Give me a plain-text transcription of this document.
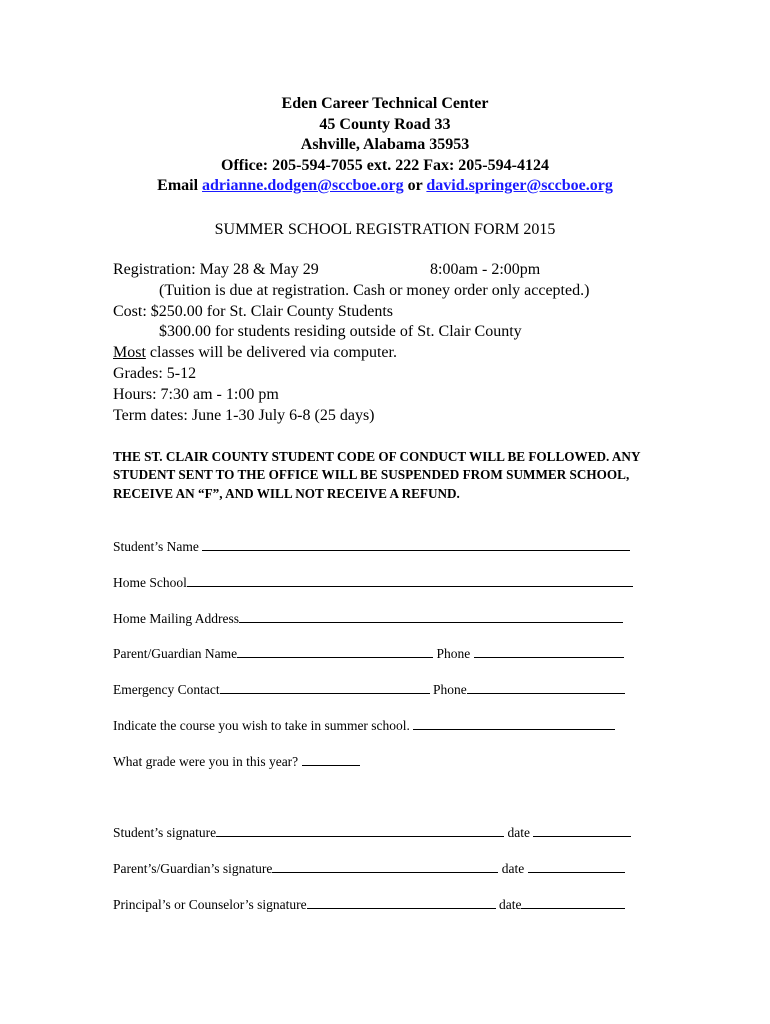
Eden Career Technical Center
45 County Road 33
Ashville, Alabama 35953
Office: 205-594-7055 ext. 222 Fax: 205-594-4124
Email adrianne.dodgen@sccboe.org or david.springer@sccboe.org
SUMMER SCHOOL REGISTRATION FORM 2015
Registration: May 28 & May 29	8:00am - 2:00pm
(Tuition is due at registration. Cash or money order only accepted.)
Cost: $250.00 for St. Clair County Students
$300.00 for students residing outside of St. Clair County
Most classes will be delivered via computer.
Grades: 5-12
Hours: 7:30 am - 1:00 pm
Term dates: June 1-30 July 6-8 (25 days)
THE ST. CLAIR COUNTY STUDENT CODE OF CONDUCT WILL BE FOLLOWED. ANY STUDENT SENT TO THE OFFICE WILL BE SUSPENDED FROM SUMMER SCHOOL, RECEIVE AN “F”, AND WILL NOT RECEIVE A REFUND.
Student’s Name
Home School
Home Mailing Address
Parent/Guardian Name	Phone
Emergency Contact	Phone
Indicate the course you wish to take in summer school.
What grade were you in this year?
Student’s signature	date
Parent’s/Guardian’s signature	date
Principal’s or Counselor’s signature	date
